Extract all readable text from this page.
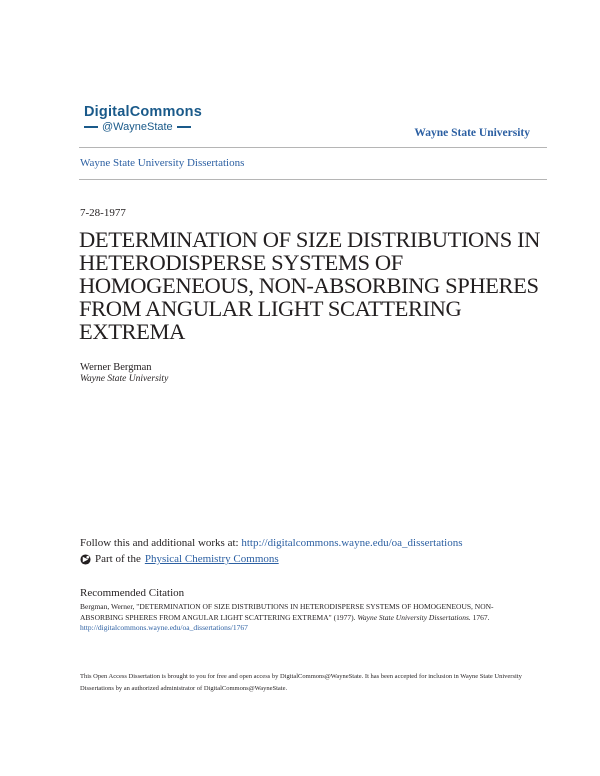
DigitalCommons
@WayneState	Wayne State University
Wayne State University Dissertations
7-28-1977
DETERMINATION OF SIZE DISTRIBUTIONS IN HETERODISPERSE SYSTEMS OF HOMOGENEOUS, NON-ABSORBING SPHERES FROM ANGULAR LIGHT SCATTERING EXTREMA
Werner Bergman
Wayne State University
Follow this and additional works at: http://digitalcommons.wayne.edu/oa_dissertations
Part of the Physical Chemistry Commons
Recommended Citation
Bergman, Werner, "DETERMINATION OF SIZE DISTRIBUTIONS IN HETERODISPERSE SYSTEMS OF HOMOGENEOUS, NON-ABSORBING SPHERES FROM ANGULAR LIGHT SCATTERING EXTREMA" (1977). Wayne State University Dissertations. 1767.
http://digitalcommons.wayne.edu/oa_dissertations/1767
This Open Access Dissertation is brought to you for free and open access by DigitalCommons@WayneState. It has been accepted for inclusion in Wayne State University Dissertations by an authorized administrator of DigitalCommons@WayneState.
